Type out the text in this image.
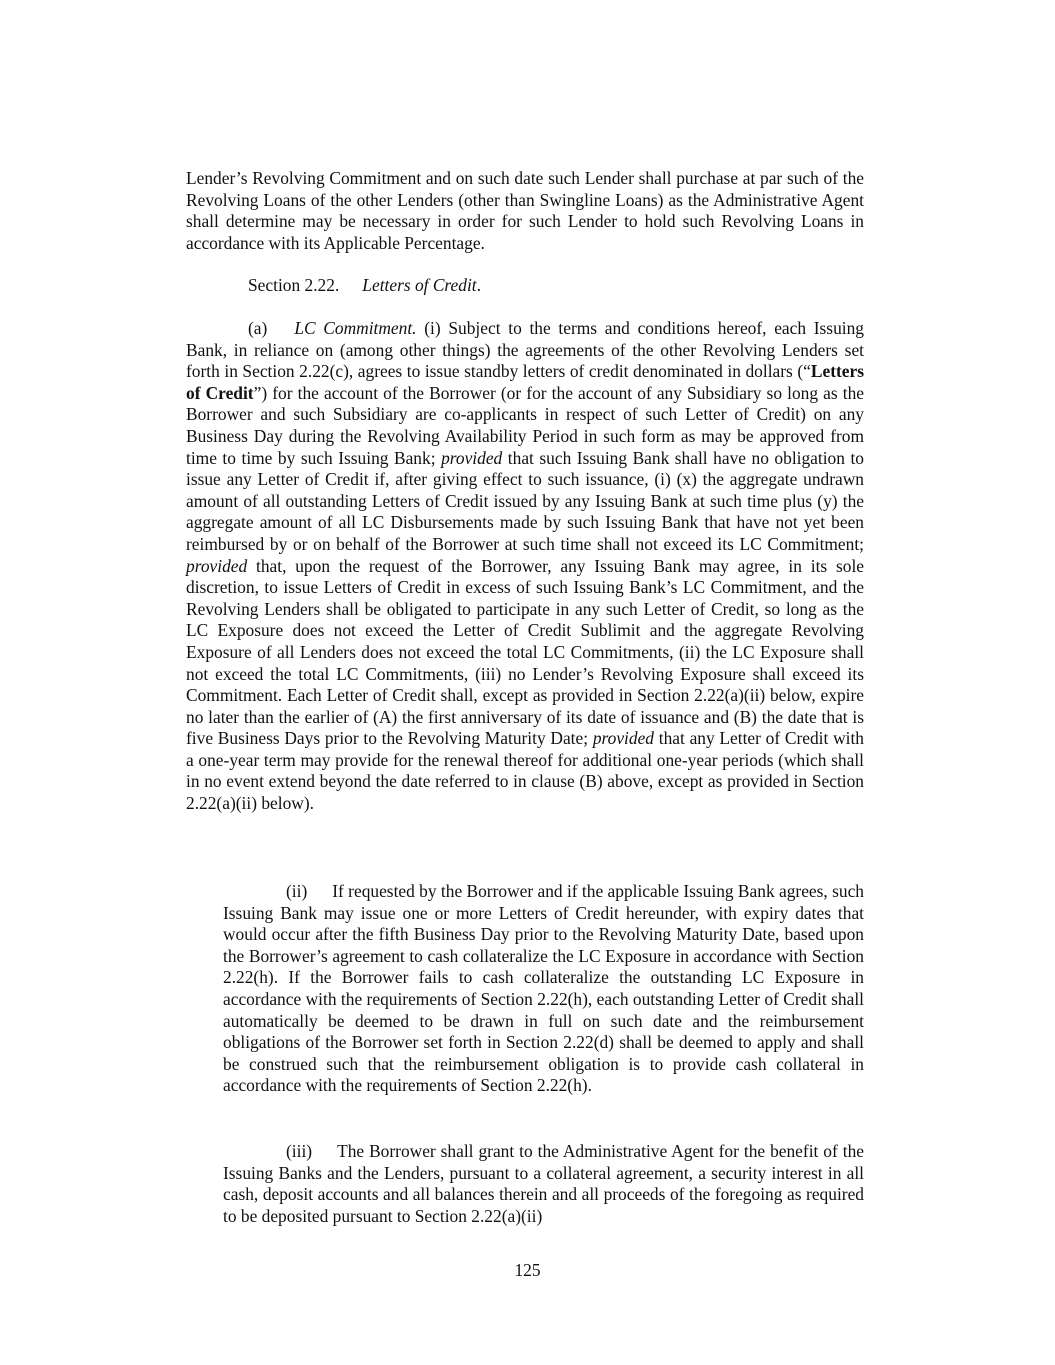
Lender’s Revolving Commitment and on such date such Lender shall purchase at par such of the Revolving Loans of the other Lenders (other than Swingline Loans) as the Administrative Agent shall determine may be necessary in order for such Lender to hold such Revolving Loans in accordance with its Applicable Percentage.

Section 2.22. Letters of Credit.

(a) LC Commitment. (i) Subject to the terms and conditions hereof, each Issuing Bank, in reliance on (among other things) the agreements of the other Revolving Lenders set forth in Section 2.22(c), agrees to issue standby letters of credit denominated in dollars (“Letters of Credit”) for the account of the Borrower (or for the account of any Subsidiary so long as the Borrower and such Subsidiary are co-applicants in respect of such Letter of Credit) on any Business Day during the Revolving Availability Period in such form as may be approved from time to time by such Issuing Bank; provided that such Issuing Bank shall have no obligation to issue any Letter of Credit if, after giving effect to such issuance, (i) (x) the aggregate undrawn amount of all outstanding Letters of Credit issued by any Issuing Bank at such time plus (y) the aggregate amount of all LC Disbursements made by such Issuing Bank that have not yet been reimbursed by or on behalf of the Borrower at such time shall not exceed its LC Commitment; provided that, upon the request of the Borrower, any Issuing Bank may agree, in its sole discretion, to issue Letters of Credit in excess of such Issuing Bank’s LC Commitment, and the Revolving Lenders shall be obligated to participate in any such Letter of Credit, so long as the LC Exposure does not exceed the Letter of Credit Sublimit and the aggregate Revolving Exposure of all Lenders does not exceed the total LC Commitments, (ii) the LC Exposure shall not exceed the total LC Commitments, (iii) no Lender’s Revolving Exposure shall exceed its Commitment. Each Letter of Credit shall, except as provided in Section 2.22(a)(ii) below, expire no later than the earlier of (A) the first anniversary of its date of issuance and (B) the date that is five Business Days prior to the Revolving Maturity Date; provided that any Letter of Credit with a one-year term may provide for the renewal thereof for additional one-year periods (which shall in no event extend beyond the date referred to in clause (B) above, except as provided in Section 2.22(a)(ii) below).

(ii) If requested by the Borrower and if the applicable Issuing Bank agrees, such Issuing Bank may issue one or more Letters of Credit hereunder, with expiry dates that would occur after the fifth Business Day prior to the Revolving Maturity Date, based upon the Borrower’s agreement to cash collateralize the LC Exposure in accordance with Section 2.22(h). If the Borrower fails to cash collateralize the outstanding LC Exposure in accordance with the requirements of Section 2.22(h), each outstanding Letter of Credit shall automatically be deemed to be drawn in full on such date and the reimbursement obligations of the Borrower set forth in Section 2.22(d) shall be deemed to apply and shall be construed such that the reimbursement obligation is to provide cash collateral in accordance with the requirements of Section 2.22(h).

(iii) The Borrower shall grant to the Administrative Agent for the benefit of the Issuing Banks and the Lenders, pursuant to a collateral agreement, a security interest in all cash, deposit accounts and all balances therein and all proceeds of the foregoing as required to be deposited pursuant to Section 2.22(a)(ii)

125
